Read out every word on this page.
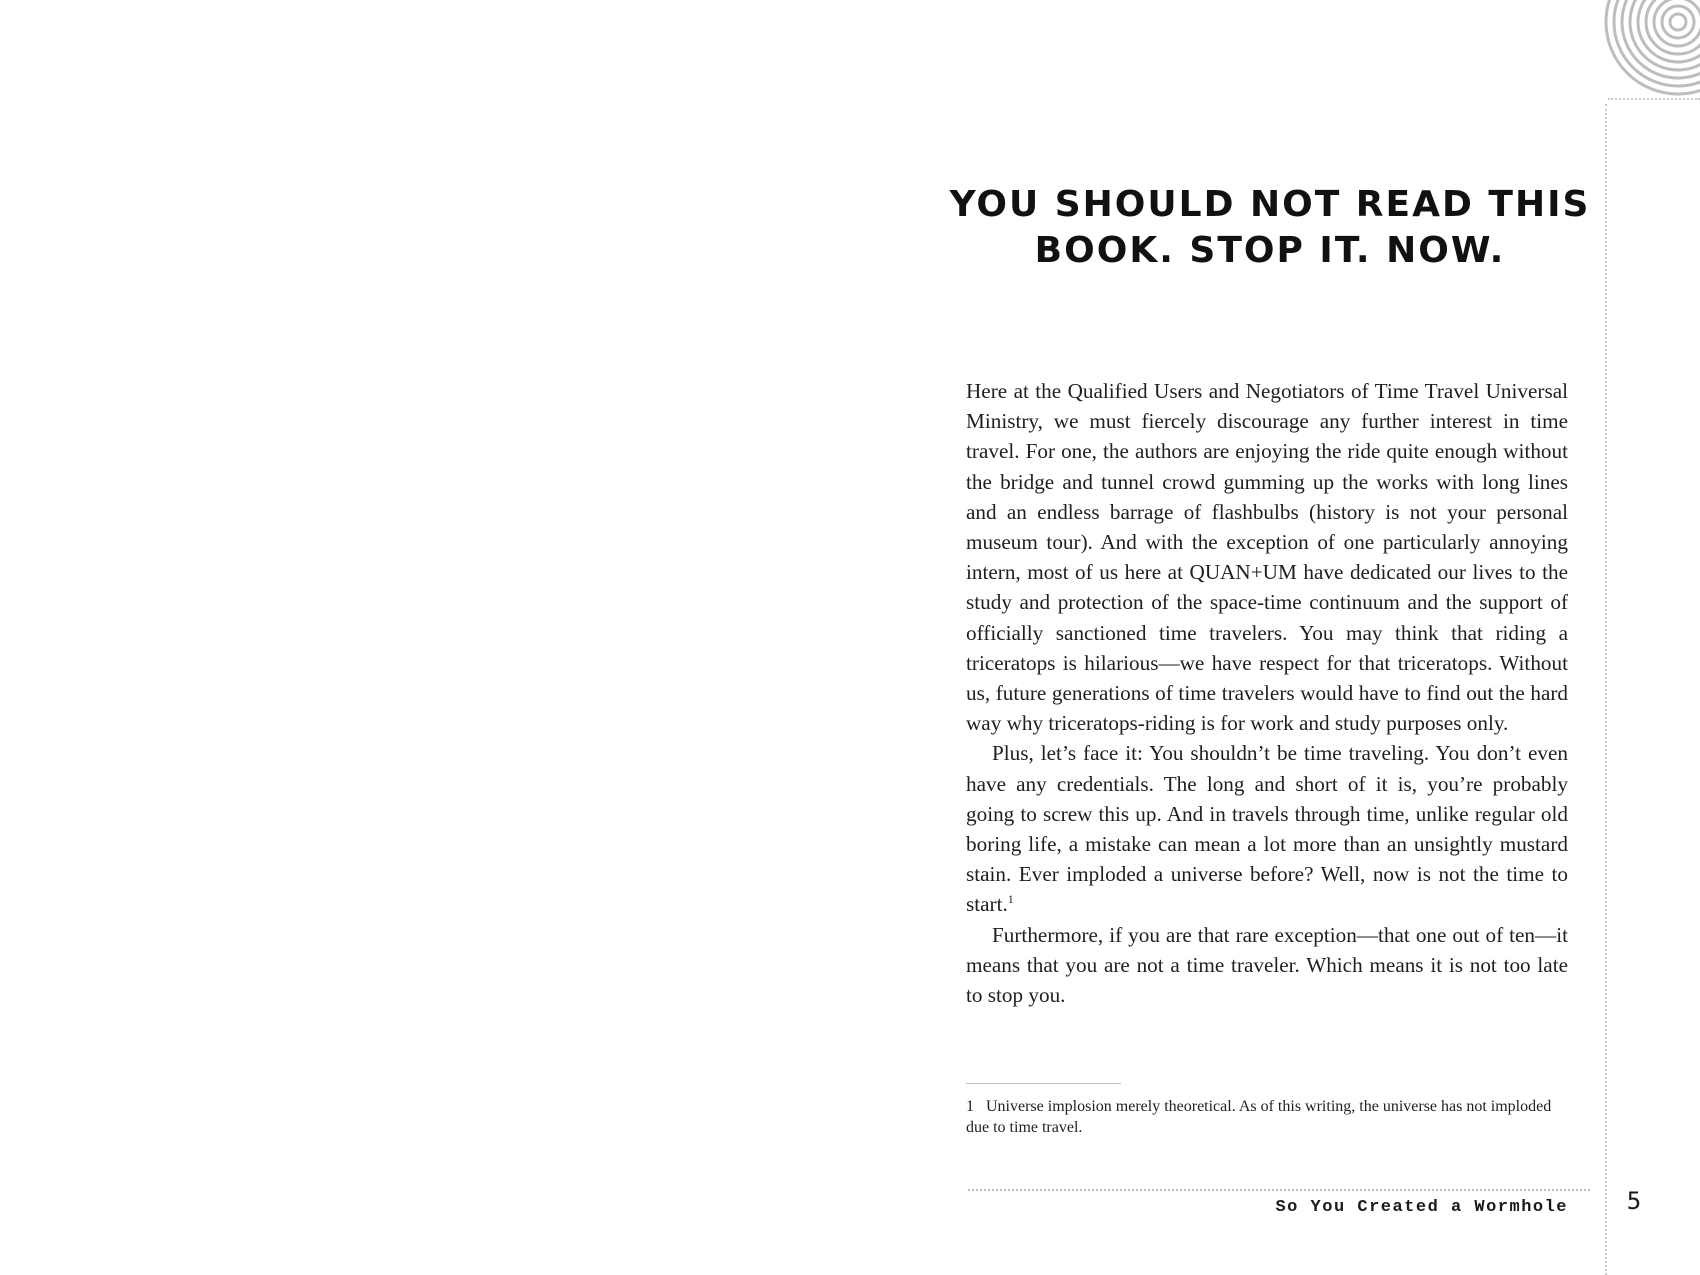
YOU SHOULD NOT READ THIS
BOOK. STOP IT. NOW.

Here at the Qualified Users and Negotiators of Time Travel Universal Ministry, we must fiercely discourage any further interest in time travel. For one, the authors are enjoying the ride quite enough without the bridge and tunnel crowd gumming up the works with long lines and an endless barrage of flashbulbs (history is not your personal museum tour). And with the exception of one particularly annoying intern, most of us here at QUAN+UM have dedicated our lives to the study and protection of the space-time continuum and the support of officially sanctioned time travelers. You may think that riding a triceratops is hilarious—we have respect for that triceratops. Without us, future generations of time travelers would have to find out the hard way why triceratops-riding is for work and study purposes only.

Plus, let’s face it: You shouldn’t be time traveling. You don’t even have any credentials. The long and short of it is, you’re probably going to screw this up. And in travels through time, unlike regular old boring life, a mistake can mean a lot more than an unsightly mustard stain. Ever imploded a universe before? Well, now is not the time to start.$^1$

Furthermore, if you are that rare exception—that one out of ten—it means that you are not a time traveler. Which means it is not too late to stop you.

1 Universe implosion merely theoretical. As of this writing, the universe has not imploded due to time travel.

So You Created a Wormhole	5
